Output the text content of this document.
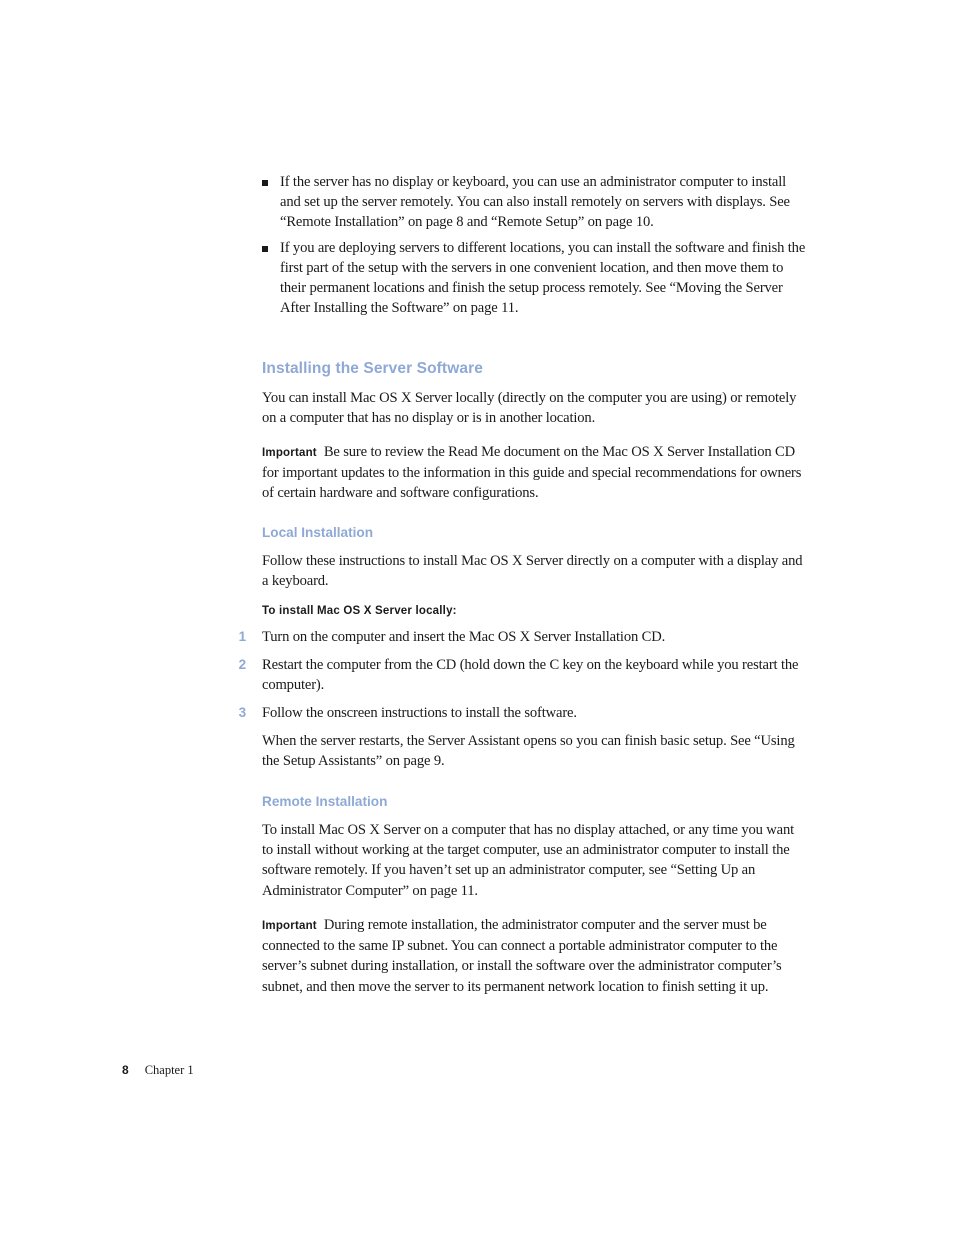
If the server has no display or keyboard, you can use an administrator computer to install and set up the server remotely. You can also install remotely on servers with displays. See “Remote Installation” on page 8 and “Remote Setup” on page 10.
If you are deploying servers to different locations, you can install the software and finish the first part of the setup with the servers in one convenient location, and then move them to their permanent locations and finish the setup process remotely. See “Moving the Server After Installing the Software” on page 11.
Installing the Server Software

You can install Mac OS X Server locally (directly on the computer you are using) or remotely on a computer that has no display or is in another location.

Important Be sure to review the Read Me document on the Mac OS X Server Installation CD for important updates to the information in this guide and special recommendations for owners of certain hardware and software configurations.

Local Installation

Follow these instructions to install Mac OS X Server directly on a computer with a display and a keyboard.

To install Mac OS X Server locally:
1 Turn on the computer and insert the Mac OS X Server Installation CD.
2 Restart the computer from the CD (hold down the C key on the keyboard while you restart the computer).
3 Follow the onscreen instructions to install the software.

When the server restarts, the Server Assistant opens so you can finish basic setup. See “Using the Setup Assistants” on page 9.

Remote Installation

To install Mac OS X Server on a computer that has no display attached, or any time you want to install without working at the target computer, use an administrator computer to install the software remotely. If you haven’t set up an administrator computer, see “Setting Up an Administrator Computer” on page 11.

Important During remote installation, the administrator computer and the server must be connected to the same IP subnet. You can connect a portable administrator computer to the server’s subnet during installation, or install the software over the administrator computer’s subnet, and then move the server to its permanent network location to finish setting it up.

8 Chapter 1
